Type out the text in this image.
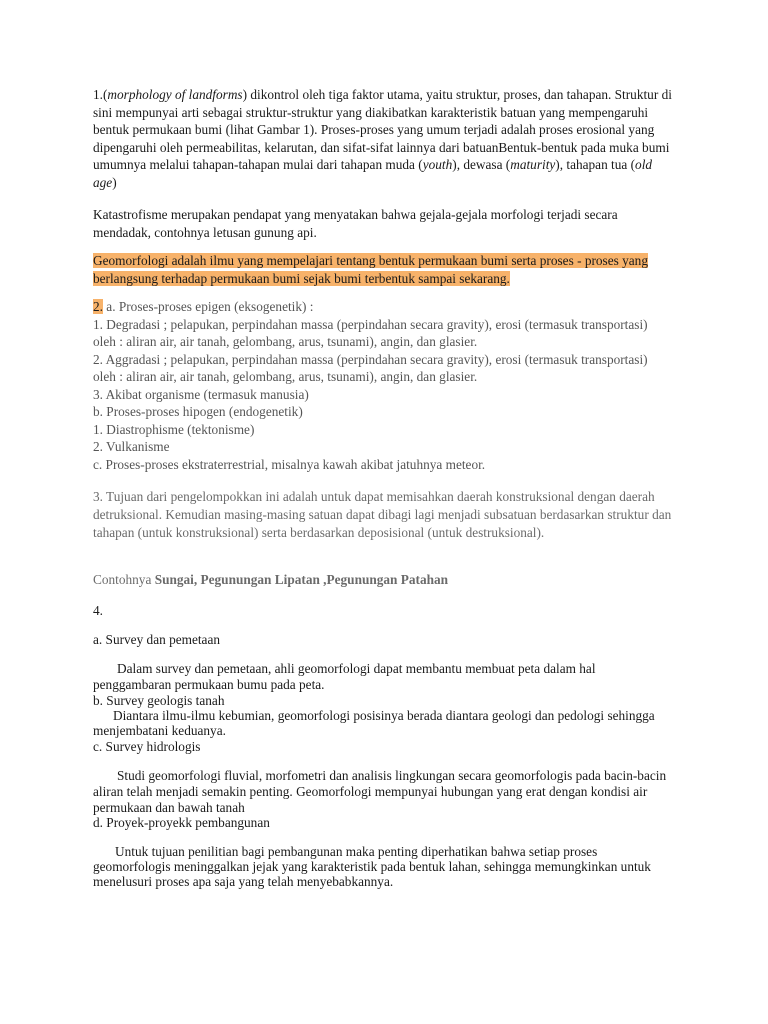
1.(morphology of landforms) dikontrol oleh tiga faktor utama, yaitu struktur, proses, dan tahapan. Struktur di sini mempunyai arti sebagai struktur-struktur yang diakibatkan karakteristik batuan yang mempengaruhi bentuk permukaan bumi (lihat Gambar 1). Proses-proses yang umum terjadi adalah proses erosional yang dipengaruhi oleh permeabilitas, kelarutan, dan sifat-sifat lainnya dari batuanBentuk-bentuk pada muka bumi umumnya melalui tahapan-tahapan mulai dari tahapan muda (youth), dewasa (maturity), tahapan tua (old age)

Katastrofisme merupakan pendapat yang menyatakan bahwa gejala-gejala morfologi terjadi secara mendadak, contohnya letusan gunung api.

Geomorfologi adalah ilmu yang mempelajari tentang bentuk permukaan bumi serta proses - proses yang berlangsung terhadap permukaan bumi sejak bumi terbentuk sampai sekarang.

2. a. Proses-proses epigen (eksogenetik) :

1. Degradasi ; pelapukan, perpindahan massa (perpindahan secara gravity), erosi (termasuk transportasi) oleh : aliran air, air tanah, gelombang, arus, tsunami), angin, dan glasier.

2. Aggradasi ; pelapukan, perpindahan massa (perpindahan secara gravity), erosi (termasuk transportasi) oleh : aliran air, air tanah, gelombang, arus, tsunami), angin, dan glasier.

3. Akibat organisme (termasuk manusia)

b. Proses-proses hipogen (endogenetik)

1. Diastrophisme (tektonisme)

2. Vulkanisme

c. Proses-proses ekstraterrestrial, misalnya kawah akibat jatuhnya meteor.

3. Tujuan dari pengelompokkan ini adalah untuk dapat memisahkan daerah konstruksional dengan daerah detruksional. Kemudian masing-masing satuan dapat dibagi lagi menjadi subsatuan berdasarkan struktur dan tahapan (untuk konstruksional) serta berdasarkan deposisional (untuk destruksional).

Contohnya Sungai, Pegunungan Lipatan ,Pegunungan Patahan

4.

a. Survey dan pemetaan

Dalam survey dan pemetaan, ahli geomorfologi dapat membantu membuat peta dalam hal penggambaran permukaan bumu pada peta.

b. Survey geologis tanah

Diantara ilmu-ilmu kebumian, geomorfologi posisinya berada diantara geologi dan pedologi sehingga menjembatani keduanya.

c. Survey hidrologis

Studi geomorfologi fluvial, morfometri dan analisis lingkungan secara geomorfologis pada bacin-bacin aliran telah menjadi semakin penting. Geomorfologi mempunyai hubungan yang erat dengan kondisi air permukaan dan bawah tanah

d. Proyek-proyekk pembangunan

Untuk tujuan penilitian bagi pembangunan maka penting diperhatikan bahwa setiap proses geomorfologis meninggalkan jejak yang karakteristik pada bentuk lahan, sehingga memungkinkan untuk menelusuri proses apa saja yang telah menyebabkannya.
